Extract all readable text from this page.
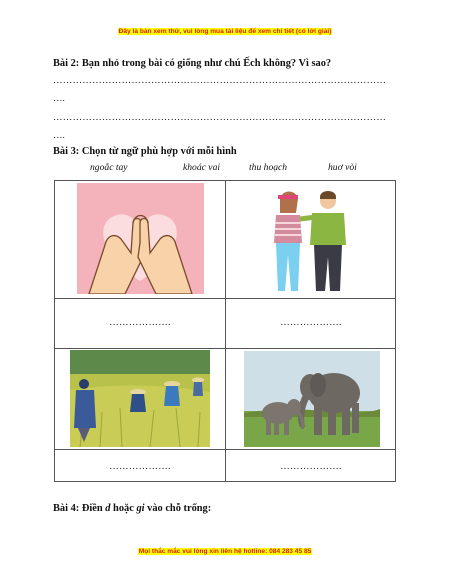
Đây là bản xem thử, vui lòng mua tài liệu để xem chi tiết (có lời giải)
Bài 2: Bạn nhỏ trong bài có giống như chú Ếch không? Vì sao?
…………………………………………………………………………………………
….
…………………………………………………………………………………………
….
Bài 3: Chọn từ ngữ phù hợp với mỗi hình
ngoắc tay	khoác vai	thu hoạch	huơ vòi
……………….	……………….
……………….	……………….
Bài 4: Điền d hoặc gi vào chỗ trống:
Mọi thắc mắc vui lòng xin liên hệ hotline: 084 283 45 85
